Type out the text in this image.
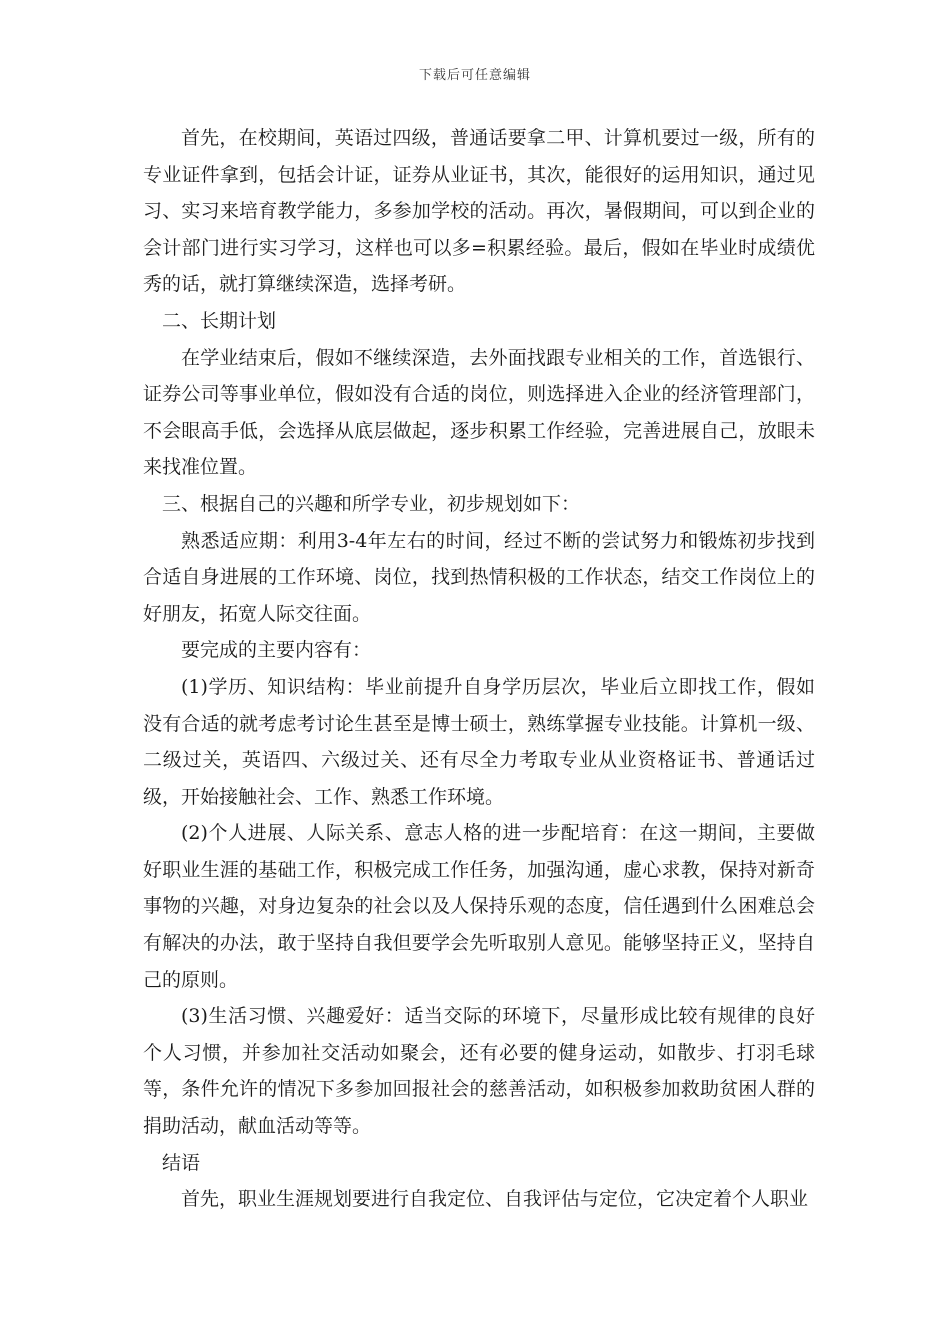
下载后可任意编辑

首先，在校期间，英语过四级，普通话要拿二甲、计算机要过一级，所有的专业证件拿到，包括会计证，证券从业证书，其次，能很好的运用知识，通过见习、实习来培育教学能力，多参加学校的活动。再次，暑假期间，可以到企业的会计部门进行实习学习，这样也可以多=积累经验。最后，假如在毕业时成绩优秀的话，就打算继续深造，选择考研。

二、长期计划

在学业结束后，假如不继续深造，去外面找跟专业相关的工作，首选银行、证券公司等事业单位，假如没有合适的岗位，则选择进入企业的经济管理部门，不会眼高手低，会选择从底层做起，逐步积累工作经验，完善进展自己，放眼未来找准位置。

三、根据自己的兴趣和所学专业，初步规划如下：

熟悉适应期：利用3-4年左右的时间，经过不断的尝试努力和锻炼初步找到合适自身进展的工作环境、岗位，找到热情积极的工作状态，结交工作岗位上的好朋友，拓宽人际交往面。

要完成的主要内容有：

(1)学历、知识结构：毕业前提升自身学历层次，毕业后立即找工作，假如没有合适的就考虑考讨论生甚至是博士硕士，熟练掌握专业技能。计算机一级、二级过关，英语四、六级过关、还有尽全力考取专业从业资格证书、普通话过级，开始接触社会、工作、熟悉工作环境。

(2)个人进展、人际关系、意志人格的进一步配培育：在这一期间，主要做好职业生涯的基础工作，积极完成工作任务，加强沟通，虚心求教，保持对新奇事物的兴趣，对身边复杂的社会以及人保持乐观的态度，信任遇到什么困难总会有解决的办法，敢于坚持自我但要学会先听取别人意见。能够坚持正义，坚持自己的原则。

(3)生活习惯、兴趣爱好：适当交际的环境下，尽量形成比较有规律的良好个人习惯，并参加社交活动如聚会，还有必要的健身运动，如散步、打羽毛球等，条件允许的情况下多参加回报社会的慈善活动，如积极参加救助贫困人群的捐助活动，献血活动等等。

结语

首先，职业生涯规划要进行自我定位、自我评估与定位，它决定着个人职业
